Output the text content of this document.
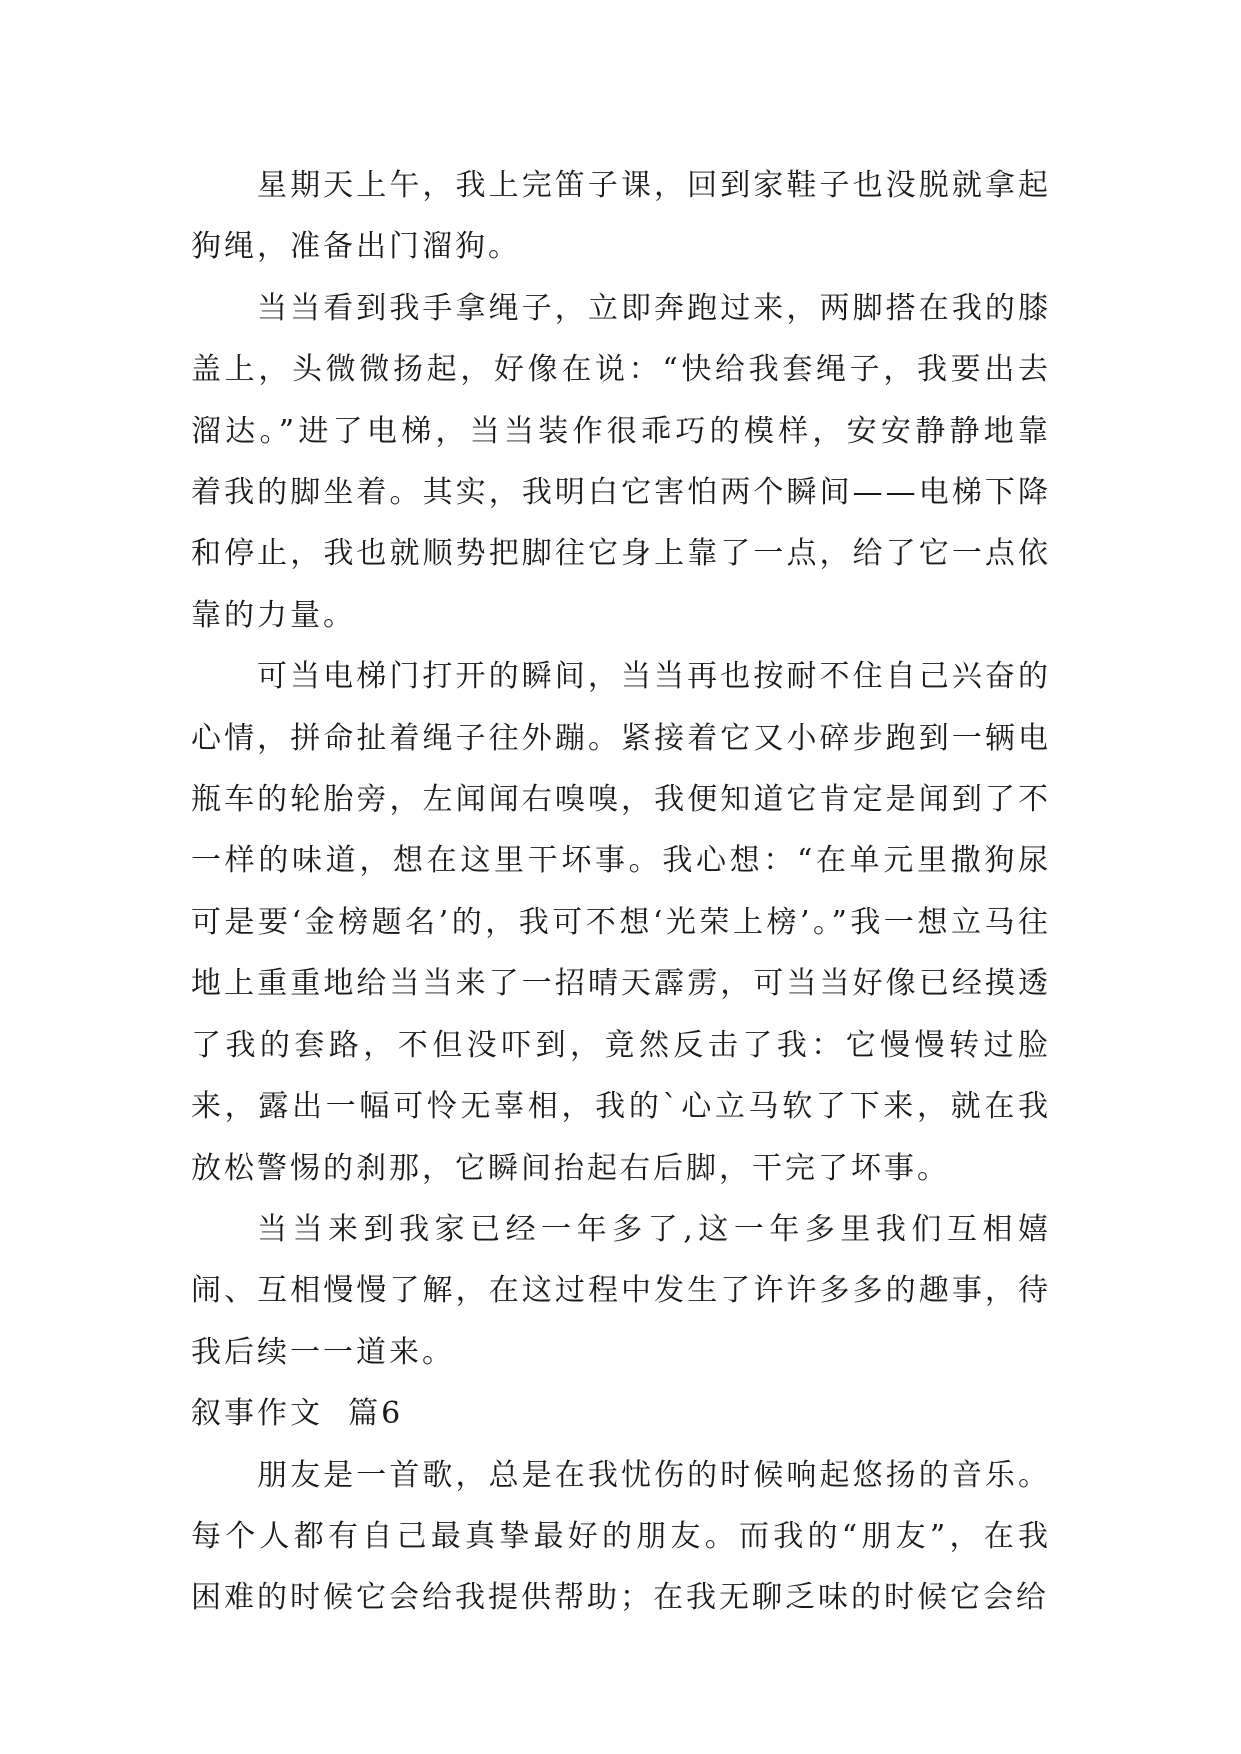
星期天上午，我上完笛子课，回到家鞋子也没脱就拿起狗绳，准备出门溜狗。

当当看到我手拿绳子，立即奔跑过来，两脚搭在我的膝盖上，头微微扬起，好像在说：“快给我套绳子，我要出去溜达。”进了电梯，当当装作很乖巧的模样，安安静静地靠着我的脚坐着。其实，我明白它害怕两个瞬间——电梯下降和停止，我也就顺势把脚往它身上靠了一点，给了它一点依靠的力量。

可当电梯门打开的瞬间，当当再也按耐不住自己兴奋的心情，拼命扯着绳子往外蹦。紧接着它又小碎步跑到一辆电瓶车的轮胎旁，左闻闻右嗅嗅，我便知道它肯定是闻到了不一样的味道，想在这里干坏事。我心想：“在单元里撒狗尿可是要‘金榜题名’的，我可不想‘光荣上榜’。”我一想立马往地上重重地给当当来了一招晴天霹雳，可当当好像已经摸透了我的套路，不但没吓到，竟然反击了我：它慢慢转过脸来，露出一幅可怜无辜相，我的`心立马软了下来，就在我放松警惕的刹那，它瞬间抬起右后脚，干完了坏事。

当当来到我家已经一年多了,这一年多里我们互相嬉闹、互相慢慢了解，在这过程中发生了许许多多的趣事，待我后续一一道来。

叙事作文  篇6

朋友是一首歌，总是在我忧伤的时候响起悠扬的音乐。每个人都有自己最真挚最好的朋友。而我的“朋友”，在我困难的时候它会给我提供帮助；在我无聊乏味的时候它会给
